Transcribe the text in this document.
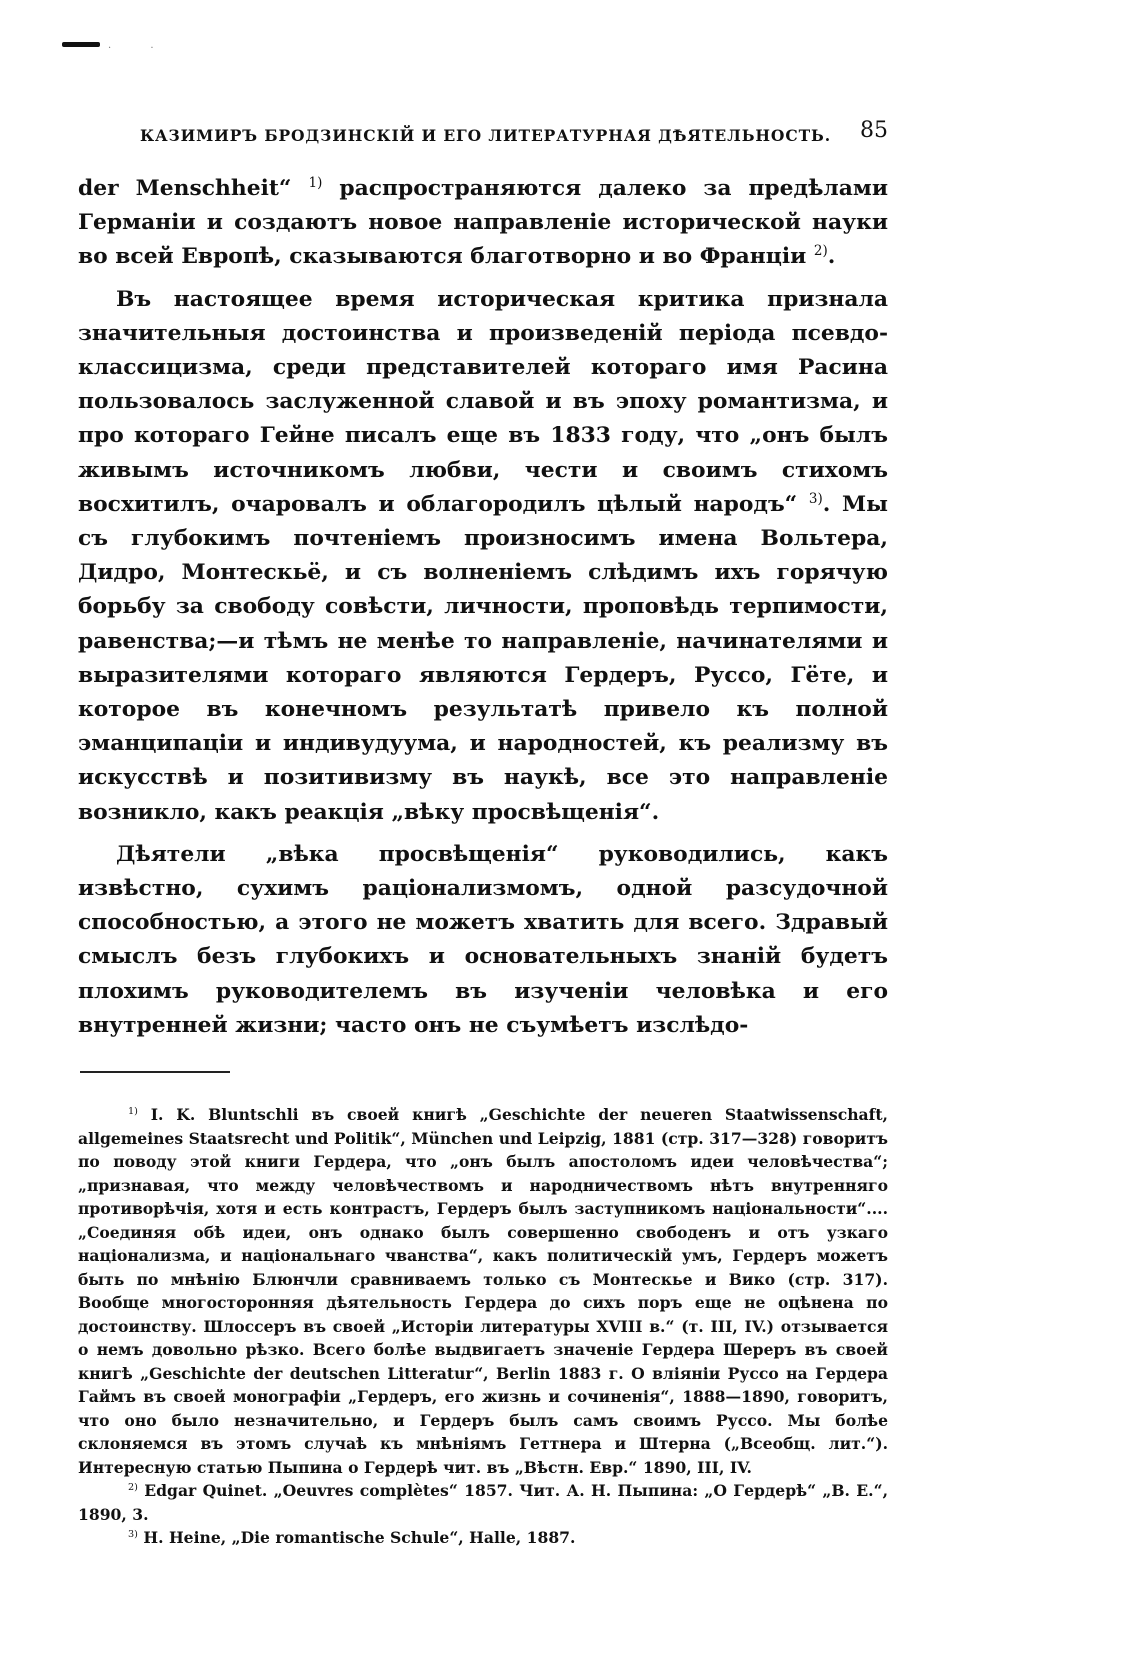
. .
КАЗИМИРЪ БРОДЗИНСКІЙ И ЕГО ЛИТЕРАТУРНАЯ ДѢЯТЕЛЬНОСТЬ. 85

der Menschheit“ $^{1)}$ распространяются далеко за предѣлами Германіи и создаютъ новое направленіе исторической науки во всей Европѣ, сказываются благотворно и во Франціи $^{2)}$.

Въ настоящее время историческая критика признала значительныя достоинства и произведеній періода псевдо-классицизма, среди представителей котораго имя Расина пользовалось заслуженной славой и въ эпоху романтизма, и про котораго Гейне писалъ еще въ 1833 году, что „онъ былъ живымъ источникомъ любви, чести и своимъ стихомъ восхитилъ, очаровалъ и облагородилъ цѣлый народъ“ $^{3)}$. Мы съ глубокимъ почтеніемъ произносимъ имена Вольтера, Дидро, Монтескьё, и съ волненіемъ слѣдимъ ихъ горячую борьбу за свободу совѣсти, личности, проповѣдь терпимости, равенства;—и тѣмъ не менѣе то направленіе, начинателями и выразителями котораго являются Гердеръ, Руссо, Гёте, и которое въ конечномъ результатѣ привело къ полной эманципаціи и индивудуума, и народностей, къ реализму въ искусствѣ и позитивизму въ наукѣ, все это направленіе возникло, какъ реакція „вѣку просвѣщенія“.

Дѣятели „вѣка просвѣщенія“ руководились, какъ извѣстно, сухимъ раціонализмомъ, одной разсудочной способностью, а этого не можетъ хватить для всего. Здравый смыслъ безъ глубокихъ и основательныхъ знаній будетъ плохимъ руководителемъ въ изученіи человѣка и его внутренней жизни; часто онъ не съумѣетъ изслѣдо-

$^{1)}$ I. K. Bluntschli въ своей книгѣ „Geschichte der neueren Staatwissenschaft, allgemeines Staatsrecht und Politik“, München und Leipzig, 1881 (стр. 317—328) говоритъ по поводу этой книги Гердера, что „онъ былъ апостоломъ идеи человѣчества“; „признавая, что между человѣчествомъ и народничествомъ нѣтъ внутренняго противорѣчія, хотя и есть контрастъ, Гердеръ былъ заступникомъ національности“.... „Соединяя обѣ идеи, онъ однако былъ совершенно свободенъ и отъ узкаго націонализма, и національнаго чванства“, какъ политическій умъ, Гердеръ можетъ быть по мнѣнію Блюнчли сравниваемъ только съ Монтескье и Вико (стр. 317). Вообще многосторонняя дѣятельность Гердера до сихъ поръ еще не оцѣнена по достоинству. Шлоссеръ въ своей „Исторіи литературы XVIII в.“ (т. III, IV.) отзывается о немъ довольно рѣзко. Всего болѣе выдвигаетъ значеніе Гердера Шереръ въ своей книгѣ „Geschichte der deutschen Litteratur“, Berlin 1883 г. О вліяніи Руссо на Гердера Гаймъ въ своей монографіи „Гердеръ, его жизнь и сочиненія“, 1888—1890, говоритъ, что оно было незначительно, и Гердеръ былъ самъ своимъ Руссо. Мы болѣе склоняемся въ этомъ случаѣ къ мнѣніямъ Геттнера и Штерна („Всеобщ. лит.“). Интересную статью Пыпина о Гердерѣ чит. въ „Вѣстн. Евр.“ 1890, III, IV.

$^{2)}$ Edgar Quinet. „Oeuvres complètes“ 1857. Чит. А. Н. Пыпина: „О Гердерѣ“ „В. Е.“, 1890, 3.

$^{3)}$ H. Heine, „Die romantische Schule“, Halle, 1887.
